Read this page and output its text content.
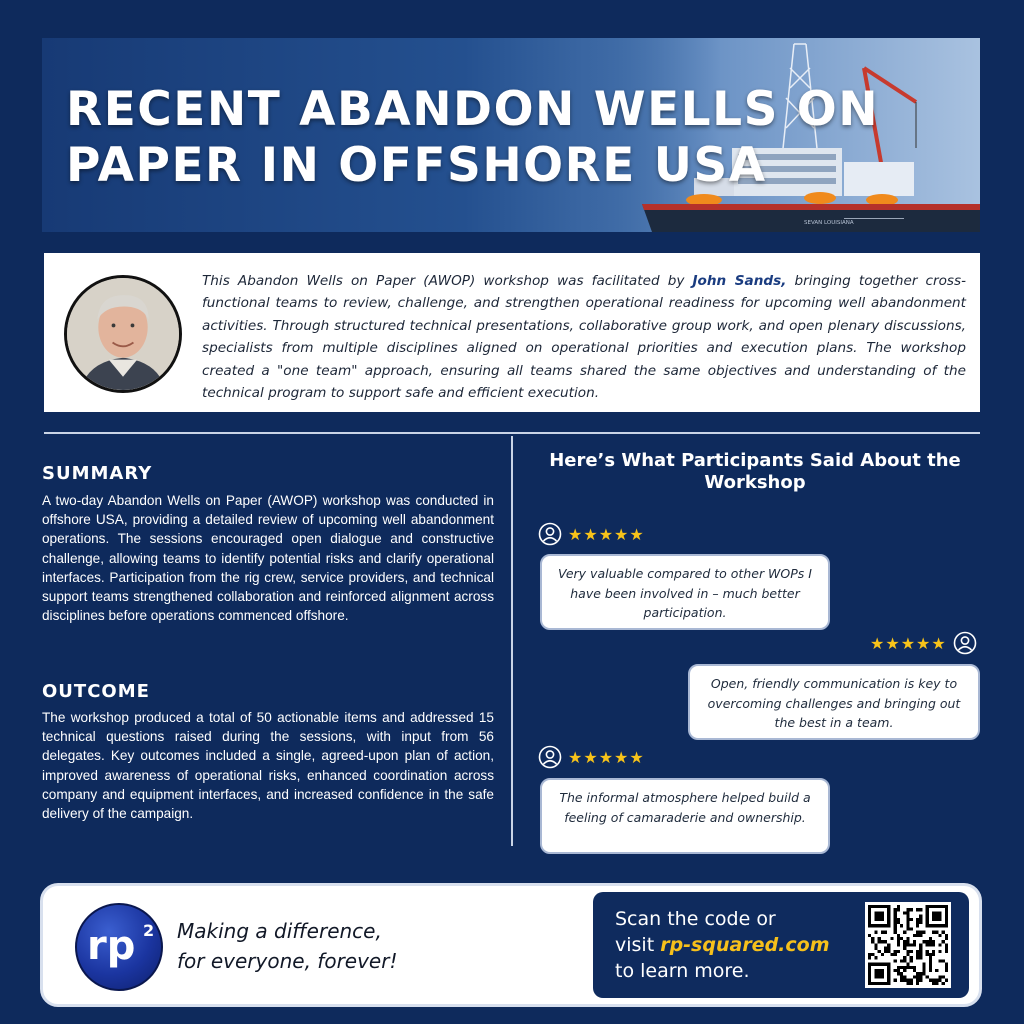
RECENT ABANDON WELLS ON
PAPER IN OFFSHORE USA
SEVAN LOUISIANA
This Abandon Wells on Paper (AWOP) workshop was facilitated by John Sands, bringing together cross-functional teams to review, challenge, and strengthen operational readiness for upcoming well abandonment activities. Through structured technical presentations, collaborative group work, and open plenary discussions, specialists from multiple disciplines aligned on operational priorities and execution plans. The workshop created a "one team" approach, ensuring all teams shared the same objectives and understanding of the technical program to support safe and efficient execution.
SUMMARY
A two-day Abandon Wells on Paper (AWOP) workshop was conducted in offshore USA, providing a detailed review of upcoming well abandonment operations. The sessions encouraged open dialogue and constructive challenge, allowing teams to identify potential risks and clarify operational interfaces. Participation from the rig crew, service providers, and technical support teams strengthened collaboration and reinforced alignment across disciplines before operations commenced offshore.
OUTCOME
The workshop produced a total of 50 actionable items and addressed 15 technical questions raised during the sessions, with input from 56 delegates. Key outcomes included a single, agreed-upon plan of action, improved awareness of operational risks, enhanced coordination across company and equipment interfaces, and increased confidence in the safe delivery of the campaign.
Here’s What Participants Said About the Workshop
★★★★★
Very valuable compared to other WOPs I have been involved in – much better participation.
★★★★★
Open, friendly communication is key to overcoming challenges and bringing out the best in a team.
★★★★★
The informal atmosphere helped build a feeling of camaraderie and ownership.
rp 2 Making a difference,
for everyone, forever!
Scan the code or
visit rp-squared.com
to learn more.
